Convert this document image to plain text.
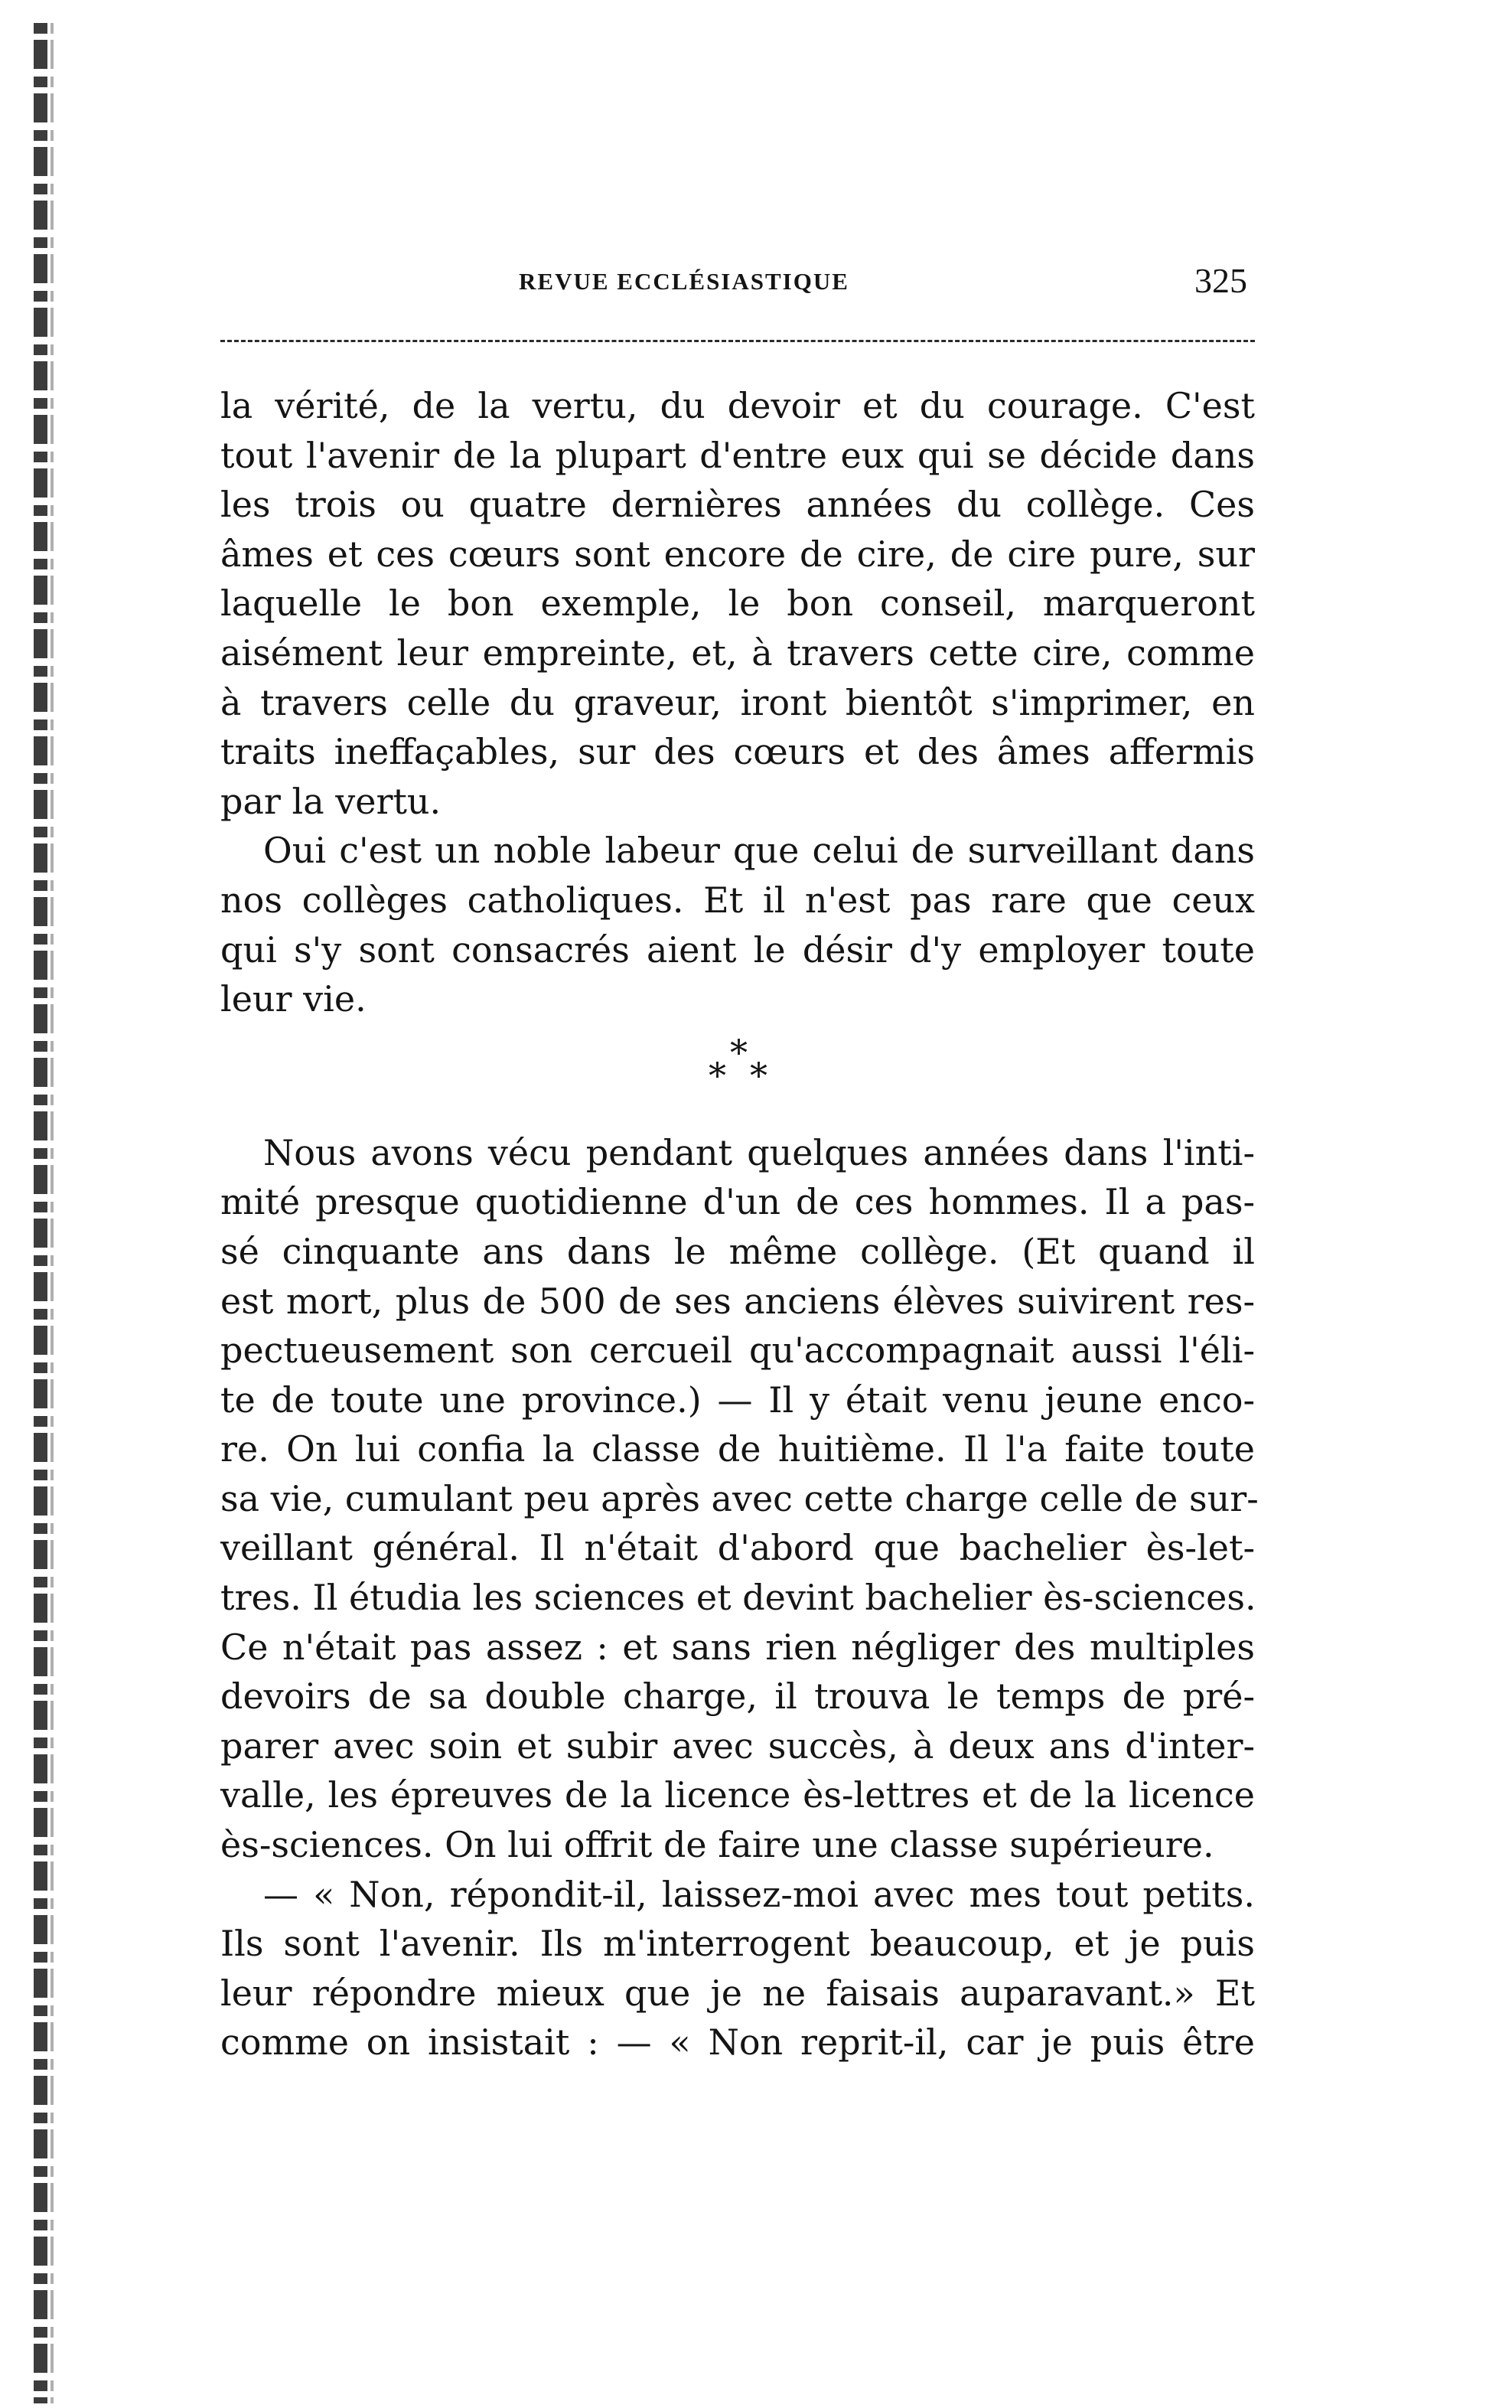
REVUE ECCLÉSIASTIQUE	325
la vérité, de la vertu, du devoir et du courage. C'est
tout l'avenir de la plupart d'entre eux qui se décide dans
les trois ou quatre dernières années du collège. Ces
âmes et ces cœurs sont encore de cire, de cire pure, sur
laquelle le bon exemple, le bon conseil, marqueront
aisément leur empreinte, et, à travers cette cire, comme
à travers celle du graveur, iront bientôt s'imprimer, en
traits ineffaçables, sur des cœurs et des âmes affermis
par la vertu.
Oui c'est un noble labeur que celui de surveillant dans
nos collèges catholiques. Et il n'est pas rare que ceux
qui s'y sont consacrés aient le désir d'y employer toute
leur vie.
*
* *
Nous avons vécu pendant quelques années dans l'inti-
mité presque quotidienne d'un de ces hommes. Il a pas-
sé cinquante ans dans le même collège. (Et quand il
est mort, plus de 500 de ses anciens élèves suivirent res-
pectueusement son cercueil qu'accompagnait aussi l'éli-
te de toute une province.) — Il y était venu jeune enco-
re. On lui confia la classe de huitième. Il l'a faite toute
sa vie, cumulant peu après avec cette charge celle de sur-
veillant général. Il n'était d'abord que bachelier ès-let-
tres. Il étudia les sciences et devint bachelier ès-sciences.
Ce n'était pas assez : et sans rien négliger des multiples
devoirs de sa double charge, il trouva le temps de pré-
parer avec soin et subir avec succès, à deux ans d'inter-
valle, les épreuves de la licence ès-lettres et de la licence
ès-sciences. On lui offrit de faire une classe supérieure.
— « Non, répondit-il, laissez-moi avec mes tout petits.
Ils sont l'avenir. Ils m'interrogent beaucoup, et je puis
leur répondre mieux que je ne faisais auparavant.» Et
comme on insistait : — « Non reprit-il, car je puis être
